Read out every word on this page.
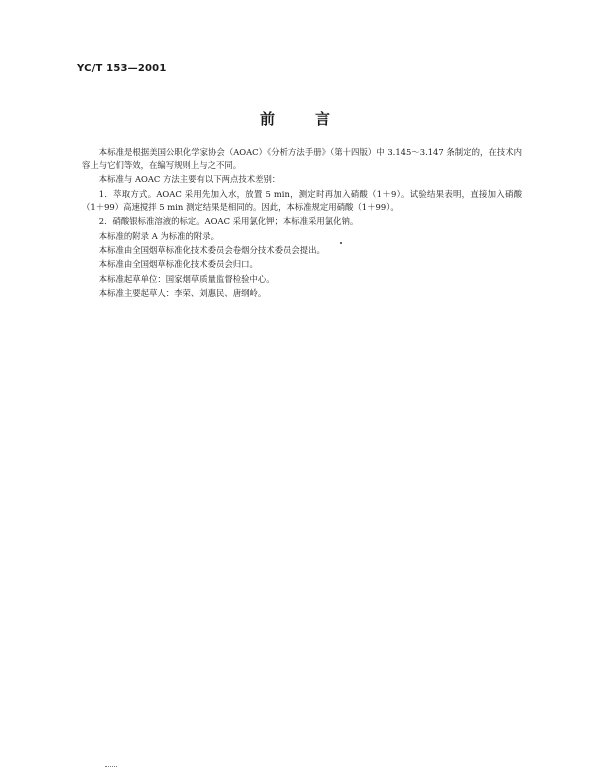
YC/T 153—2001
前言

本标准是根据美国公职化学家协会（AOAC）《分析方法手册》（第十四版）中 3.145～3.147 条制定的，在技术内容上与它们等效，在编写规则上与之不同。

本标准与 AOAC 方法主要有以下两点技术差别：

1．萃取方式。AOAC 采用先加入水，放置 5 min，测定时再加入硝酸（1＋9）。试验结果表明，直接加入硝酸（1＋99）高速搅拌 5 min 测定结果是相同的。因此，本标准规定用硝酸（1＋99）。

2．硝酸银标准溶液的标定。AOAC 采用氯化钾；本标准采用氯化钠。

本标准的附录 A 为标准的附录。

本标准由全国烟草标准化技术委员会卷烟分技术委员会提出。

本标准由全国烟草标准化技术委员会归口。

本标准起草单位：国家烟草质量监督检验中心。

本标准主要起草人：李荣、刘惠民、唐纲岭。
